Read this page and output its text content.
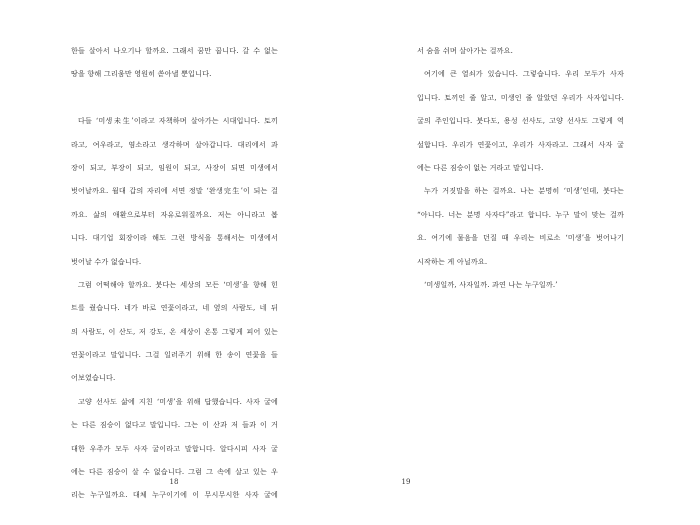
한들 살아서 나오기나 할까요. 그래서 꿈만 꿉니다. 갈 수 없는
땅을 향해 그리움만 영원히 쏟아낼 뿐입니다.
다들 ‘미생未生’이라고 자책하며 살아가는 시대입니다. 토끼
라고, 여우라고, 염소라고 생각하며 살아갑니다. 대리에서 과
장이 되고, 부장이 되고, 임원이 되고, 사장이 되면 미생에서
벗어날까요. 월대 갑의 자리에 서면 정말 ‘완생完生’이 되는 걸
까요. 삶의 애환으로부터 자유로워질까요. 저는 아니라고 봅
니다. 대기업 회장이라 해도 그런 방식을 통해서는 미생에서
벗어날 수가 없습니다.
그럼 어떡해야 할까요. 붓다는 세상의 모든 ‘미생’을 향해 힌
트를 줬습니다. 네가 바로 연꽃이라고, 네 옆의 사람도, 네 뒤
의 사람도, 이 산도, 저 강도, 온 세상이 온통 그렇게 피어 있는
연꽃이라고 말입니다. 그걸 일러주기 위해 한 송이 연꽃을 들
어보였습니다.
고양 선사도 삶에 지친 ‘미생’을 위해 답했습니다. 사자 굴에
는 다른 짐승이 없다고 말입니다. 그는 이 산과 저 들과 이 거
대한 우주가 모두 사자 굴이라고 말합니다. 알다시피 사자 굴
에는 다른 짐승이 살 수 없습니다. 그럼 그 속에 살고 있는 우
리는 누구일까요. 대체 누구이기에 이 무시무시한 사자 굴에
18
서 숨을 쉬며 살아가는 걸까요.
여기에 큰 열쇠가 있습니다. 그렇습니다. 우리 모두가 사자
입니다. 토끼인 줄 알고, 미생인 줄 알았던 우리가 사자입니다.
굴의 주인입니다. 붓다도, 용성 선사도, 고양 선사도 그렇게 역
설합니다. 우리가 연꽃이고, 우리가 사자라고. 그래서 사자 굴
에는 다른 짐승이 없는 거라고 말입니다.
누가 거짓말을 하는 걸까요. 나는 분명히 ‘미생’인데, 붓다는
“아니다. 너는 분명 사자다”라고 합니다. 누구 말이 맞는 걸까
요. 여기에 물음을 던질 때 우리는 비로소 ‘미생’을 벗어나기
시작하는 게 아닐까요.
‘미생일까, 사자일까. 과연 나는 누구일까.’
19
